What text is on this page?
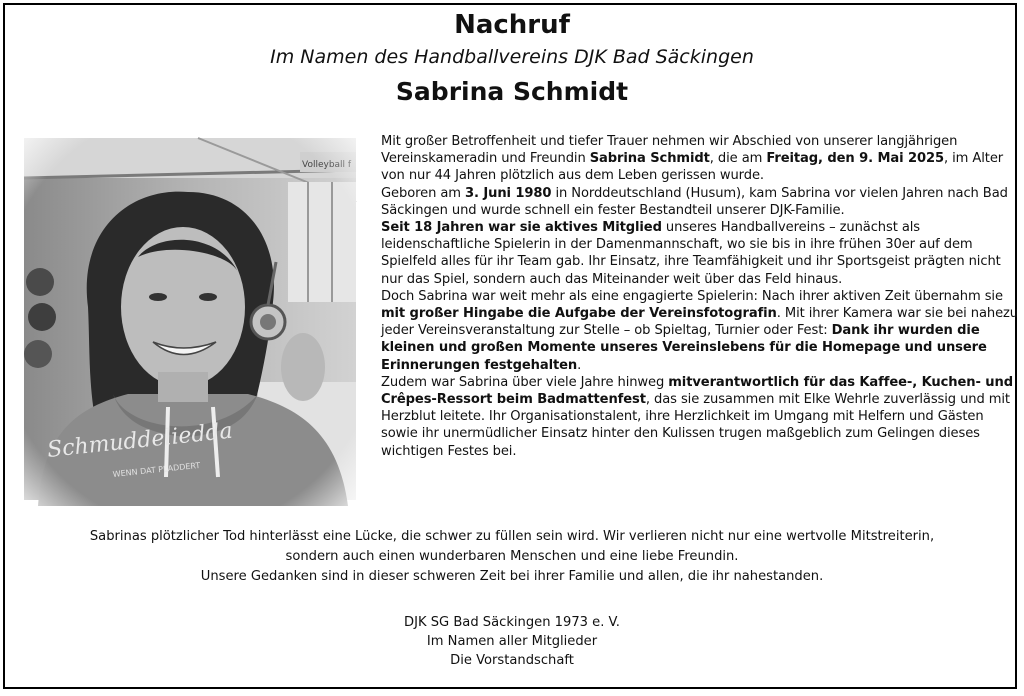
Nachruf
Im Namen des Handballvereins DJK Bad Säckingen
Sabrina Schmidt

Mit großer Betroffenheit und tiefer Trauer nehmen wir Abschied von unserer langjährigen Vereinskameradin und Freundin Sabrina Schmidt, die am Freitag, den 9. Mai 2025, im Alter von nur 44 Jahren plötzlich aus dem Leben gerissen wurde.

Geboren am 3. Juni 1980 in Norddeutschland (Husum), kam Sabrina vor vielen Jahren nach Bad Säckingen und wurde schnell ein fester Bestandteil unserer DJK-Familie.

Seit 18 Jahren war sie aktives Mitglied unseres Handballvereins – zunächst als leidenschaftliche Spielerin in der Damenmannschaft, wo sie bis in ihre frühen 30er auf dem Spielfeld alles für ihr Team gab. Ihr Einsatz, ihre Teamfähigkeit und ihr Sportsgeist prägten nicht nur das Spiel, sondern auch das Miteinander weit über das Feld hinaus.

Doch Sabrina war weit mehr als eine engagierte Spielerin: Nach ihrer aktiven Zeit übernahm sie mit großer Hingabe die Aufgabe der Vereinsfotografin. Mit ihrer Kamera war sie bei nahezu jeder Vereinsveranstaltung zur Stelle – ob Spieltag, Turnier oder Fest: Dank ihr wurden die kleinen und großen Momente unseres Vereinslebens für die Homepage und unsere Erinnerungen festgehalten.

Zudem war Sabrina über viele Jahre hinweg mitverantwortlich für das Kaffee-, Kuchen- und Crêpes-Ressort beim Badmattenfest, das sie zusammen mit Elke Wehrle zuverlässig und mit Herzblut leitete. Ihr Organisationstalent, ihre Herzlichkeit im Umgang mit Helfern und Gästen sowie ihr unermüdlicher Einsatz hinter den Kulissen trugen maßgeblich zum Gelingen dieses wichtigen Festes bei.

Sabrinas plötzlicher Tod hinterlässt eine Lücke, die schwer zu füllen sein wird. Wir verlieren nicht nur eine wertvolle Mitstreiterin,

sondern auch einen wunderbaren Menschen und eine liebe Freundin.

Unsere Gedanken sind in dieser schweren Zeit bei ihrer Familie und allen, die ihr nahestanden.

DJK SG Bad Säckingen 1973 e. V.

Im Namen aller Mitglieder

Die Vorstandschaft
